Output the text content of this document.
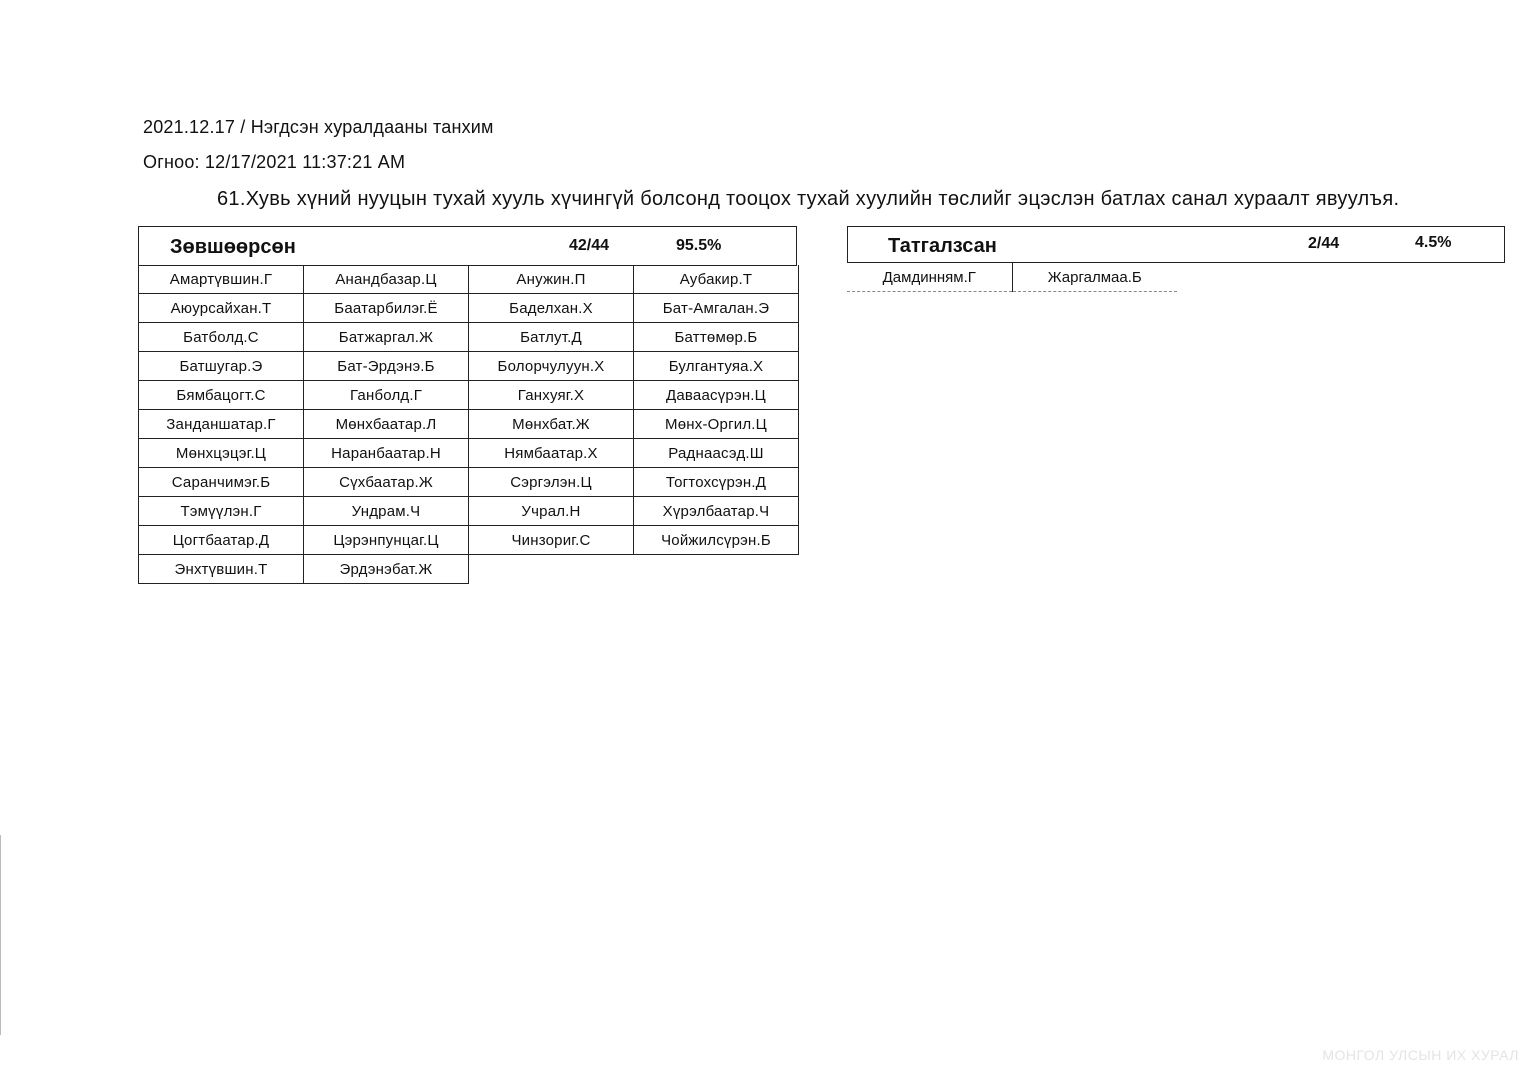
2021.12.17 / Нэгдсэн хуралдааны танхим
Огноо: 12/17/2021 11:37:21 AM
61.Хувь хүний нууцын тухай хууль хүчингүй болсонд тооцох тухай хуулийн төслийг эцэслэн батлах санал хураалт явуулъя.
Зөвшөөрсөн	42/44	95.5%
Амартүвшин.Г	Анандбазар.Ц	Анужин.П	Аубакир.Т
Аюурсайхан.Т	Баатарбилэг.Ё	Баделхан.Х	Бат-Амгалан.Э
Батболд.С	Батжаргал.Ж	Батлут.Д	Баттөмөр.Б
Батшугар.Э	Бат-Эрдэнэ.Б	Болорчулуун.Х	Булгантуяа.Х
Бямбацогт.С	Ганболд.Г	Ганхуяг.Х	Даваасүрэн.Ц
Занданшатар.Г	Мөнхбаатар.Л	Мөнхбат.Ж	Мөнх-Оргил.Ц
Мөнхцэцэг.Ц	Наранбаатар.Н	Нямбаатар.Х	Раднаасэд.Ш
Саранчимэг.Б	Сүхбаатар.Ж	Сэргэлэн.Ц	Тогтохсүрэн.Д
Тэмүүлэн.Г	Ундрам.Ч	Учрал.Н	Хүрэлбаатар.Ч
Цогтбаатар.Д	Цэрэнпунцаг.Ц	Чинзориг.С	Чойжилсүрэн.Б
Энхтүвшин.Т	Эрдэнэбат.Ж		
Татгалзсан	2/44	4.5%
Дамдинням.Г	Жаргалмаа.Б
МОНГОЛ УЛСЫН ИХ ХУРАЛ
